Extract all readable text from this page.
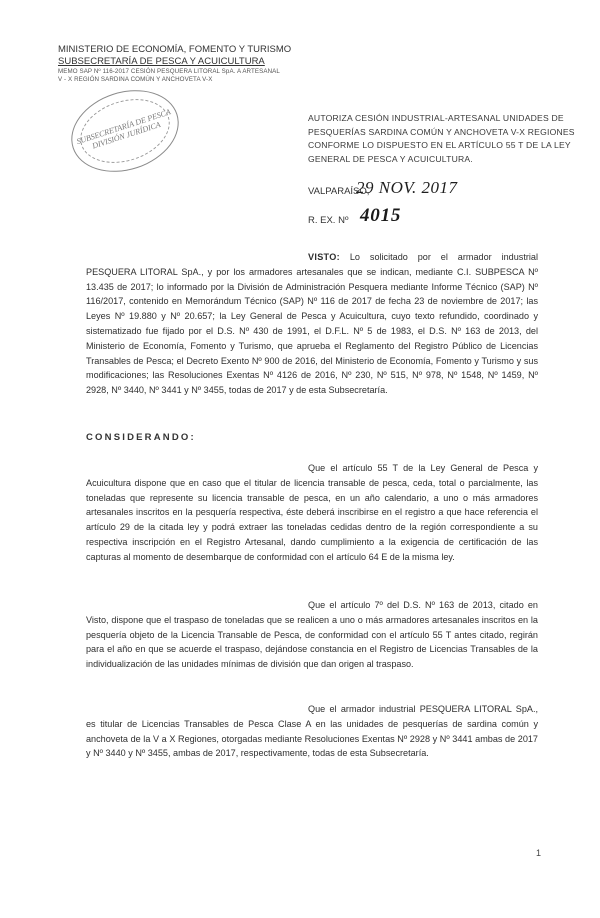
MINISTERIO DE ECONOMÍA, FOMENTO Y TURISMO
SUBSECRETARÍA DE PESCA Y ACUICULTURA
MEMO SAP Nº 116-2017 CESIÓN PESQUERA LITORAL SpA. A ARTESANAL
V - X REGIÓN SARDINA COMÚN Y ANCHOVETA V-X
SUBSECRETARÍA DE PESCA DIVISIÓN JURÍDICA
AUTORIZA CESIÓN INDUSTRIAL-ARTESANAL UNIDADES DE PESQUERÍAS SARDINA COMÚN Y ANCHOVETA V-X REGIONES CONFORME LO DISPUESTO EN EL ARTÍCULO 55 T DE LA LEY GENERAL DE PESCA Y ACUICULTURA.
VALPARAÍSO,
29 NOV. 2017
R. EX. Nº 4015
VISTO: Lo solicitado por el armador industrial PESQUERA LITORAL SpA., y por los armadores artesanales que se indican, mediante C.I. SUBPESCA Nº 13.435 de 2017; lo informado por la División de Administración Pesquera mediante Informe Técnico (SAP) Nº 116/2017, contenido en Memorándum Técnico (SAP) Nº 116 de 2017 de fecha 23 de noviembre de 2017; las Leyes Nº 19.880 y Nº 20.657; la Ley General de Pesca y Acuicultura, cuyo texto refundido, coordinado y sistematizado fue fijado por el D.S. Nº 430 de 1991, el D.F.L. Nº 5 de 1983, el D.S. Nº 163 de 2013, del Ministerio de Economía, Fomento y Turismo, que aprueba el Reglamento del Registro Público de Licencias Transables de Pesca; el Decreto Exento Nº 900 de 2016, del Ministerio de Economía, Fomento y Turismo y sus modificaciones; las Resoluciones Exentas Nº 4126 de 2016, Nº 230, Nº 515, Nº 978, Nº 1548, Nº 1459, Nº 2928, Nº 3440, Nº 3441 y Nº 3455, todas de 2017 y de esta Subsecretaría.
CONSIDERANDO:
Que el artículo 55 T de la Ley General de Pesca y Acuicultura dispone que en caso que el titular de licencia transable de pesca, ceda, total o parcialmente, las toneladas que represente su licencia transable de pesca, en un año calendario, a uno o más armadores artesanales inscritos en la pesquería respectiva, éste deberá inscribirse en el registro a que hace referencia el artículo 29 de la citada ley y podrá extraer las toneladas cedidas dentro de la región correspondiente a su respectiva inscripción en el Registro Artesanal, dando cumplimiento a la exigencia de certificación de las capturas al momento de desembarque de conformidad con el artículo 64 E de la misma ley.
Que el artículo 7º del D.S. Nº 163 de 2013, citado en Visto, dispone que el traspaso de toneladas que se realicen a uno o más armadores artesanales inscritos en la pesquería objeto de la Licencia Transable de Pesca, de conformidad con el artículo 55 T antes citado, regirán para el año en que se acuerde el traspaso, dejándose constancia en el Registro de Licencias Transables de la individualización de las unidades mínimas de división que dan origen al traspaso.
Que el armador industrial PESQUERA LITORAL SpA., es titular de Licencias Transables de Pesca Clase A en las unidades de pesquerías de sardina común y anchoveta de la V a X Regiones, otorgadas mediante Resoluciones Exentas Nº 2928 y Nº 3441 ambas de 2017 y Nº 3440 y Nº 3455, ambas de 2017, respectivamente, todas de esta Subsecretaría.
1
